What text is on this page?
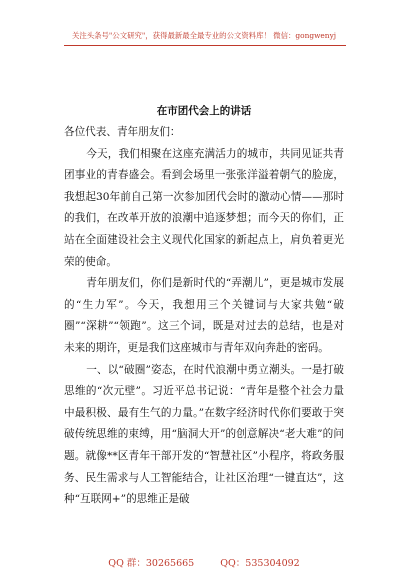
关注头条号"公文研究"，获得最新最全最专业的公文资料库！ 微信：gongwenyj
在市团代会上的讲话

各位代表、青年朋友们：

今天，我们相聚在这座充满活力的城市，共同见证共青团事业的青春盛会。看到会场里一张张洋溢着朝气的脸庞，我想起30年前自己第一次参加团代会时的激动心情——那时的我们，在改革开放的浪潮中追逐梦想；而今天的你们，正站在全面建设社会主义现代化国家的新起点上，肩负着更光荣的使命。

青年朋友们，你们是新时代的“弄潮儿”，更是城市发展的“生力军”。今天，我想用三个关键词与大家共勉“破圈”“深耕”“领跑”。这三个词，既是对过去的总结，也是对未来的期许，更是我们这座城市与青年双向奔赴的密码。

一、以“破圈”姿态，在时代浪潮中勇立潮头。一是打破思维的“次元壁”。习近平总书记说：“青年是整个社会力量中最积极、最有生气的力量。”在数字经济时代你们要敢于突破传统思维的束缚，用“脑洞大开”的创意解决“老大难”的问题。就像**区青年干部开发的“智慧社区”小程序，将政务服务、民生需求与人工智能结合，让社区治理“一键直达”，这种“互联网+”的思维正是破

QQ 群：30265665	QQ：535304092
